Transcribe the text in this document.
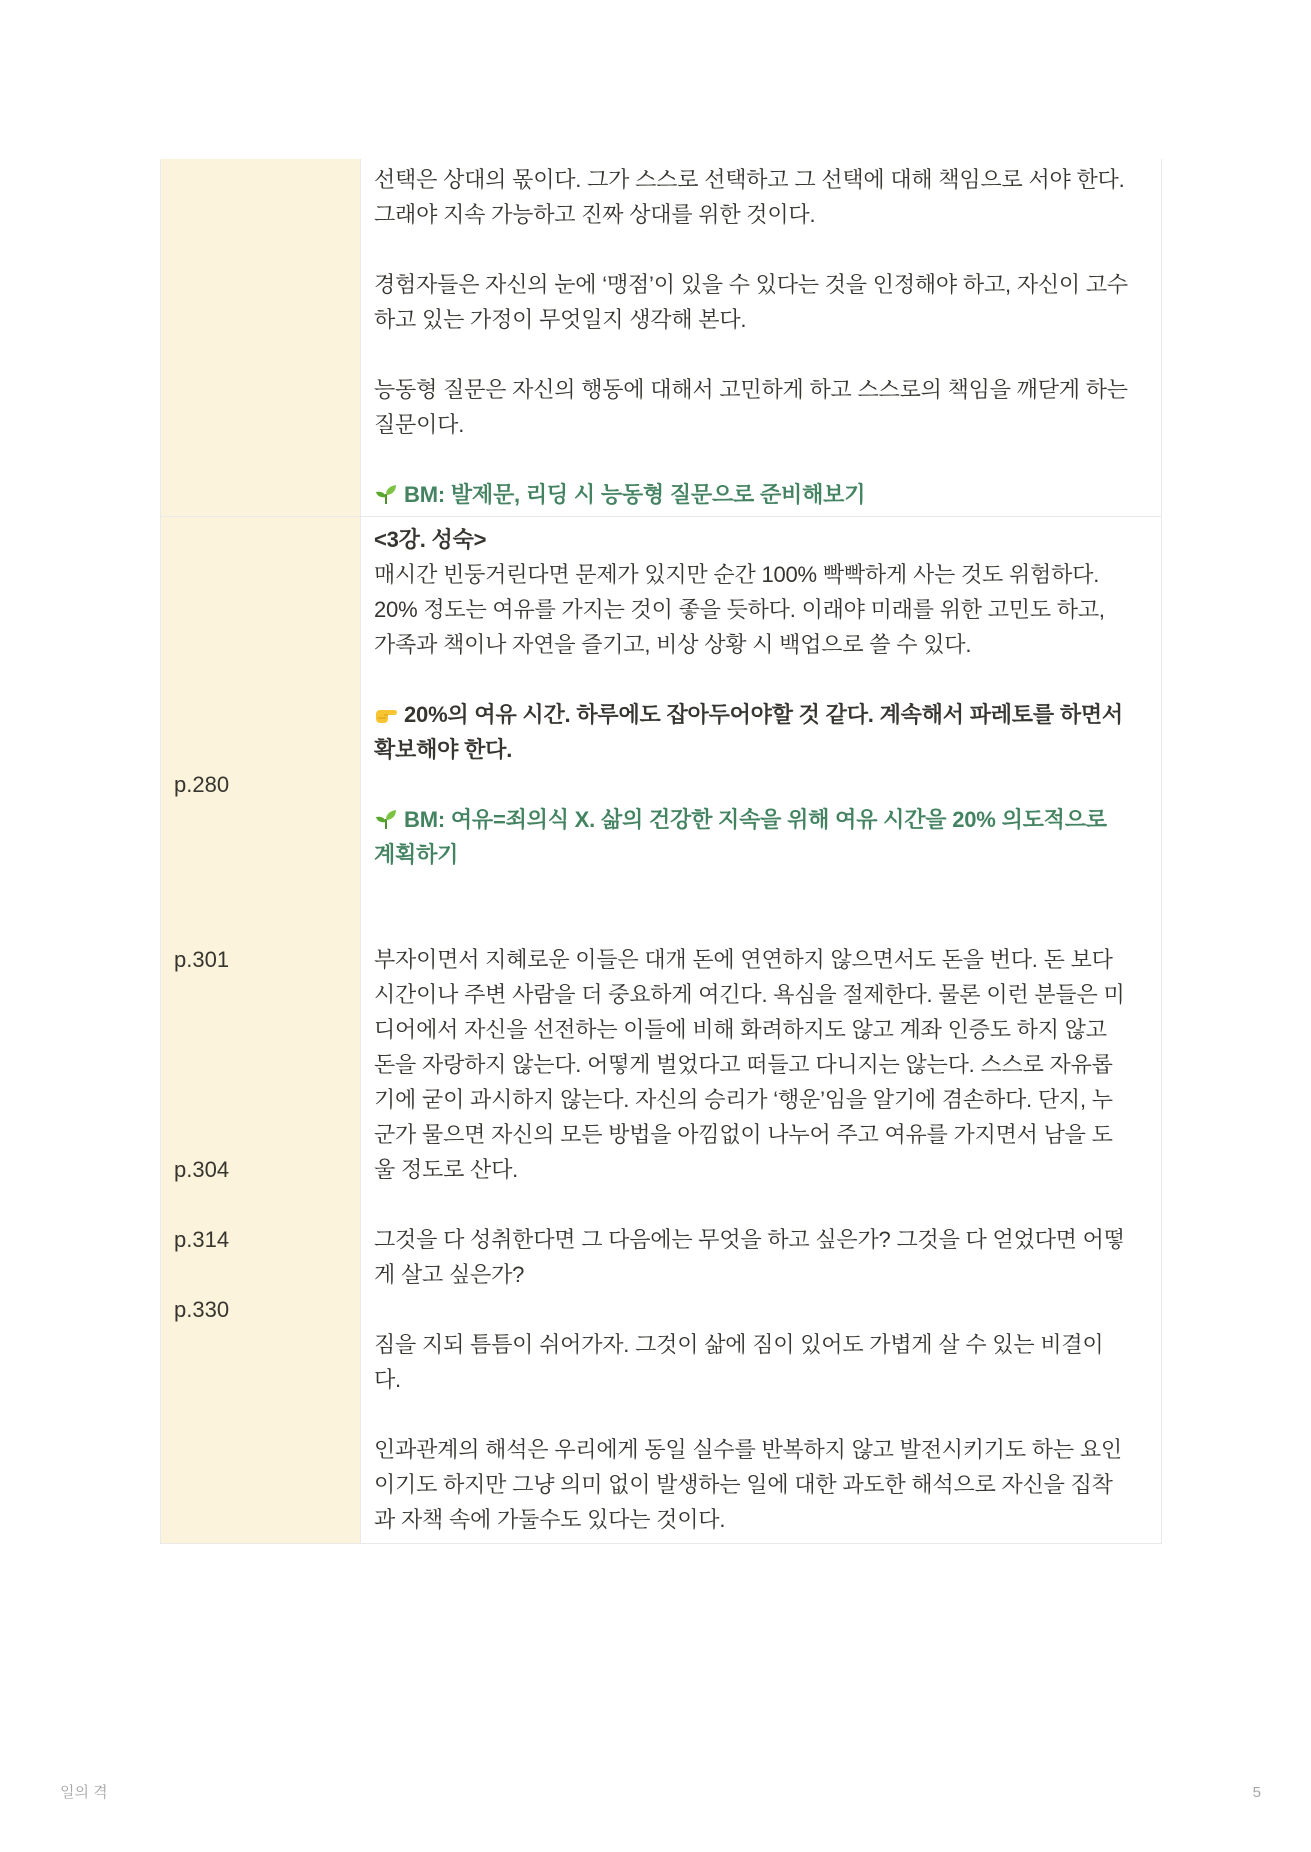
선택은 상대의 몫이다. 그가 스스로 선택하고 그 선택에 대해 책임으로 서야 한다.
그래야 지속 가능하고 진짜 상대를 위한 것이다.
경험자들은 자신의 눈에 ‘맹점’이 있을 수 있다는 것을 인정해야 하고, 자신이 고수
하고 있는 가정이 무엇일지 생각해 본다.
능동형 질문은 자신의 행동에 대해서 고민하게 하고 스스로의 책임을 깨닫게 하는
질문이다.
BM: 발제문, 리딩 시 능동형 질문으로 준비해보기
p.280
p.301
p.304
p.314
p.330
<3강. 성숙>
매시간 빈둥거린다면 문제가 있지만 순간 100% 빡빡하게 사는 것도 위험하다.
20% 정도는 여유를 가지는 것이 좋을 듯하다. 이래야 미래를 위한 고민도 하고,
가족과 책이나 자연을 즐기고, 비상 상황 시 백업으로 쓸 수 있다.
20%의 여유 시간. 하루에도 잡아두어야할 것 같다. 계속해서 파레토를 하면서
확보해야 한다.
BM: 여유=죄의식 X. 삶의 건강한 지속을 위해 여유 시간을 20% 의도적으로
계획하기
부자이면서 지혜로운 이들은 대개 돈에 연연하지 않으면서도 돈을 번다. 돈 보다
시간이나 주변 사람을 더 중요하게 여긴다. 욕심을 절제한다. 물론 이런 분들은 미
디어에서 자신을 선전하는 이들에 비해 화려하지도 않고 계좌 인증도 하지 않고
돈을 자랑하지 않는다. 어떻게 벌었다고 떠들고 다니지는 않는다. 스스로 자유롭
기에 굳이 과시하지 않는다. 자신의 승리가 ‘행운’임을 알기에 겸손하다. 단지, 누
군가 물으면 자신의 모든 방법을 아낌없이 나누어 주고 여유를 가지면서 남을 도
울 정도로 산다.
그것을 다 성취한다면 그 다음에는 무엇을 하고 싶은가? 그것을 다 얻었다면 어떻
게 살고 싶은가?
짐을 지되 틈틈이 쉬어가자. 그것이 삶에 짐이 있어도 가볍게 살 수 있는 비결이
다.
인과관계의 해석은 우리에게 동일 실수를 반복하지 않고 발전시키기도 하는 요인
이기도 하지만 그냥 의미 없이 발생하는 일에 대한 과도한 해석으로 자신을 집착
과 자책 속에 가둘수도 있다는 것이다.
일의 격	5
